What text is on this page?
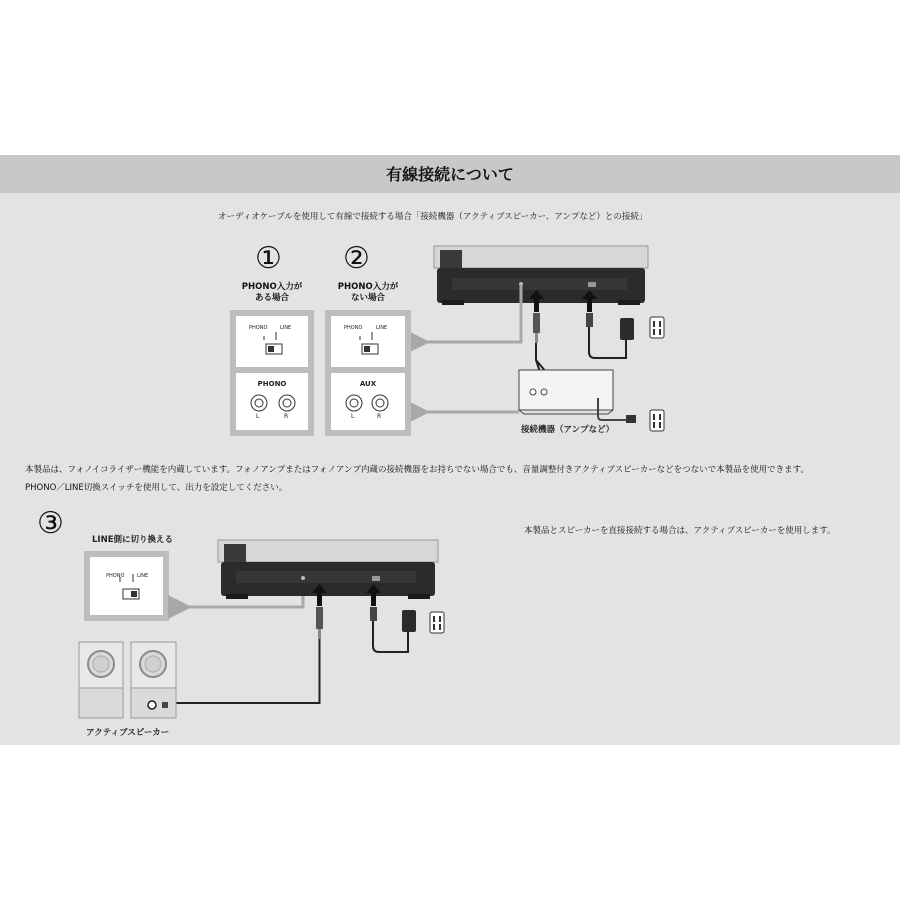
有線接続について
オーディオケーブルを使用して有線で接続する場合「接続機器（アクティブスピーカー、アンプなど）との接続」
①
PHONO入力が
ある場合
②
PHONO入力が
ない場合
PHONO	LINE
PHONO
L	R
PHONO	LINE
AUX
L	R
接続機器（アンプなど）
本製品は、フォノイコライザー機能を内蔵しています。フォノアンプまたはフォノアンプ内蔵の接続機器をお持ちでない場合でも、音量調整付きアクティブスピーカーなどをつないで本製品を使用できます。
PHONO／LINE切換スイッチを使用して、出力を設定してください。
③	LINE側に切り換える
PHONO	LINE
本製品とスピーカーを直接接続する場合は、アクティブスピーカーを使用します。
アクティブスピーカー
